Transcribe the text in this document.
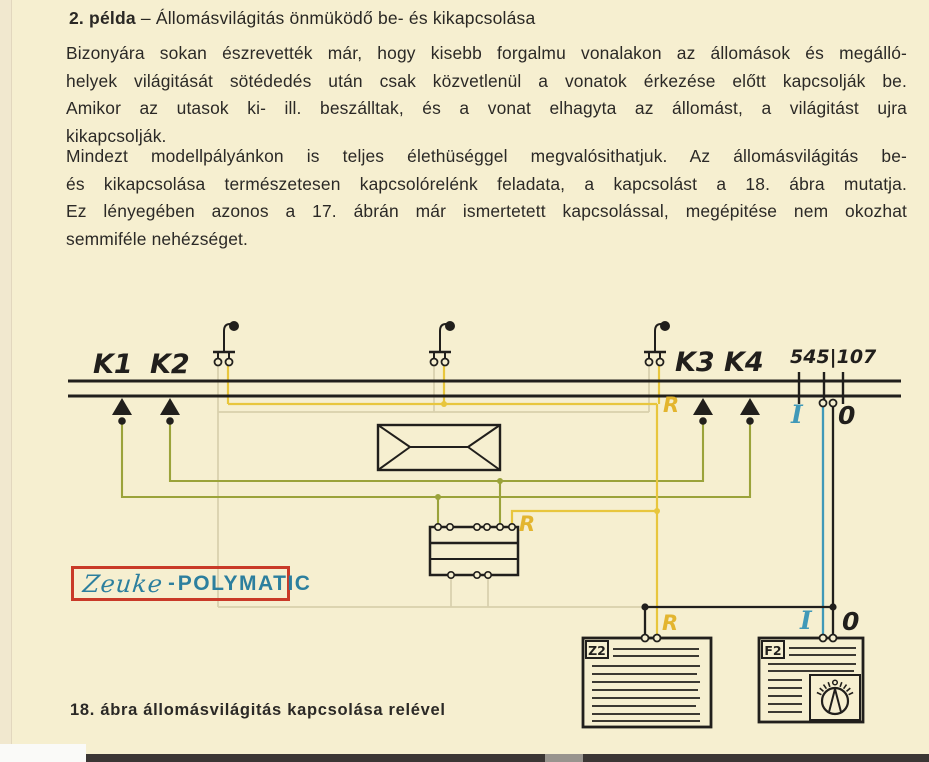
Z2	F2
K1 K2	K3 K4 545|107
R
R
R
I
I
0
0
2. példa – Állomásvilágitás önmüködő be- és kikapcsolása
Bizonyára sokan észrevették már, hogy kisebb forgalmu vonalakon az állomások és megálló-
helyek világitását sötédedés után csak közvetlenül a vonatok érkezése előtt kapcsolják be.
Amikor az utasok ki- ill. beszálltak, és a vonat elhagyta az állomást, a világitást ujra
kikapcsolják.
Mindezt modellpályánkon is teljes élethüséggel megvalósithatjuk. Az állomásvilágitás be-
és kikapcsolása természetesen kapcsolórelénk feladata, a kapcsolást a 18. ábra mutatja.
Ez lényegében azonos a 17. ábrán már ismertetett kapcsolással, megépitése nem okozhat
semmiféle nehézséget.
Zeuke - POLYMATIC
18. ábra állomásvilágitás kapcsolása relével
